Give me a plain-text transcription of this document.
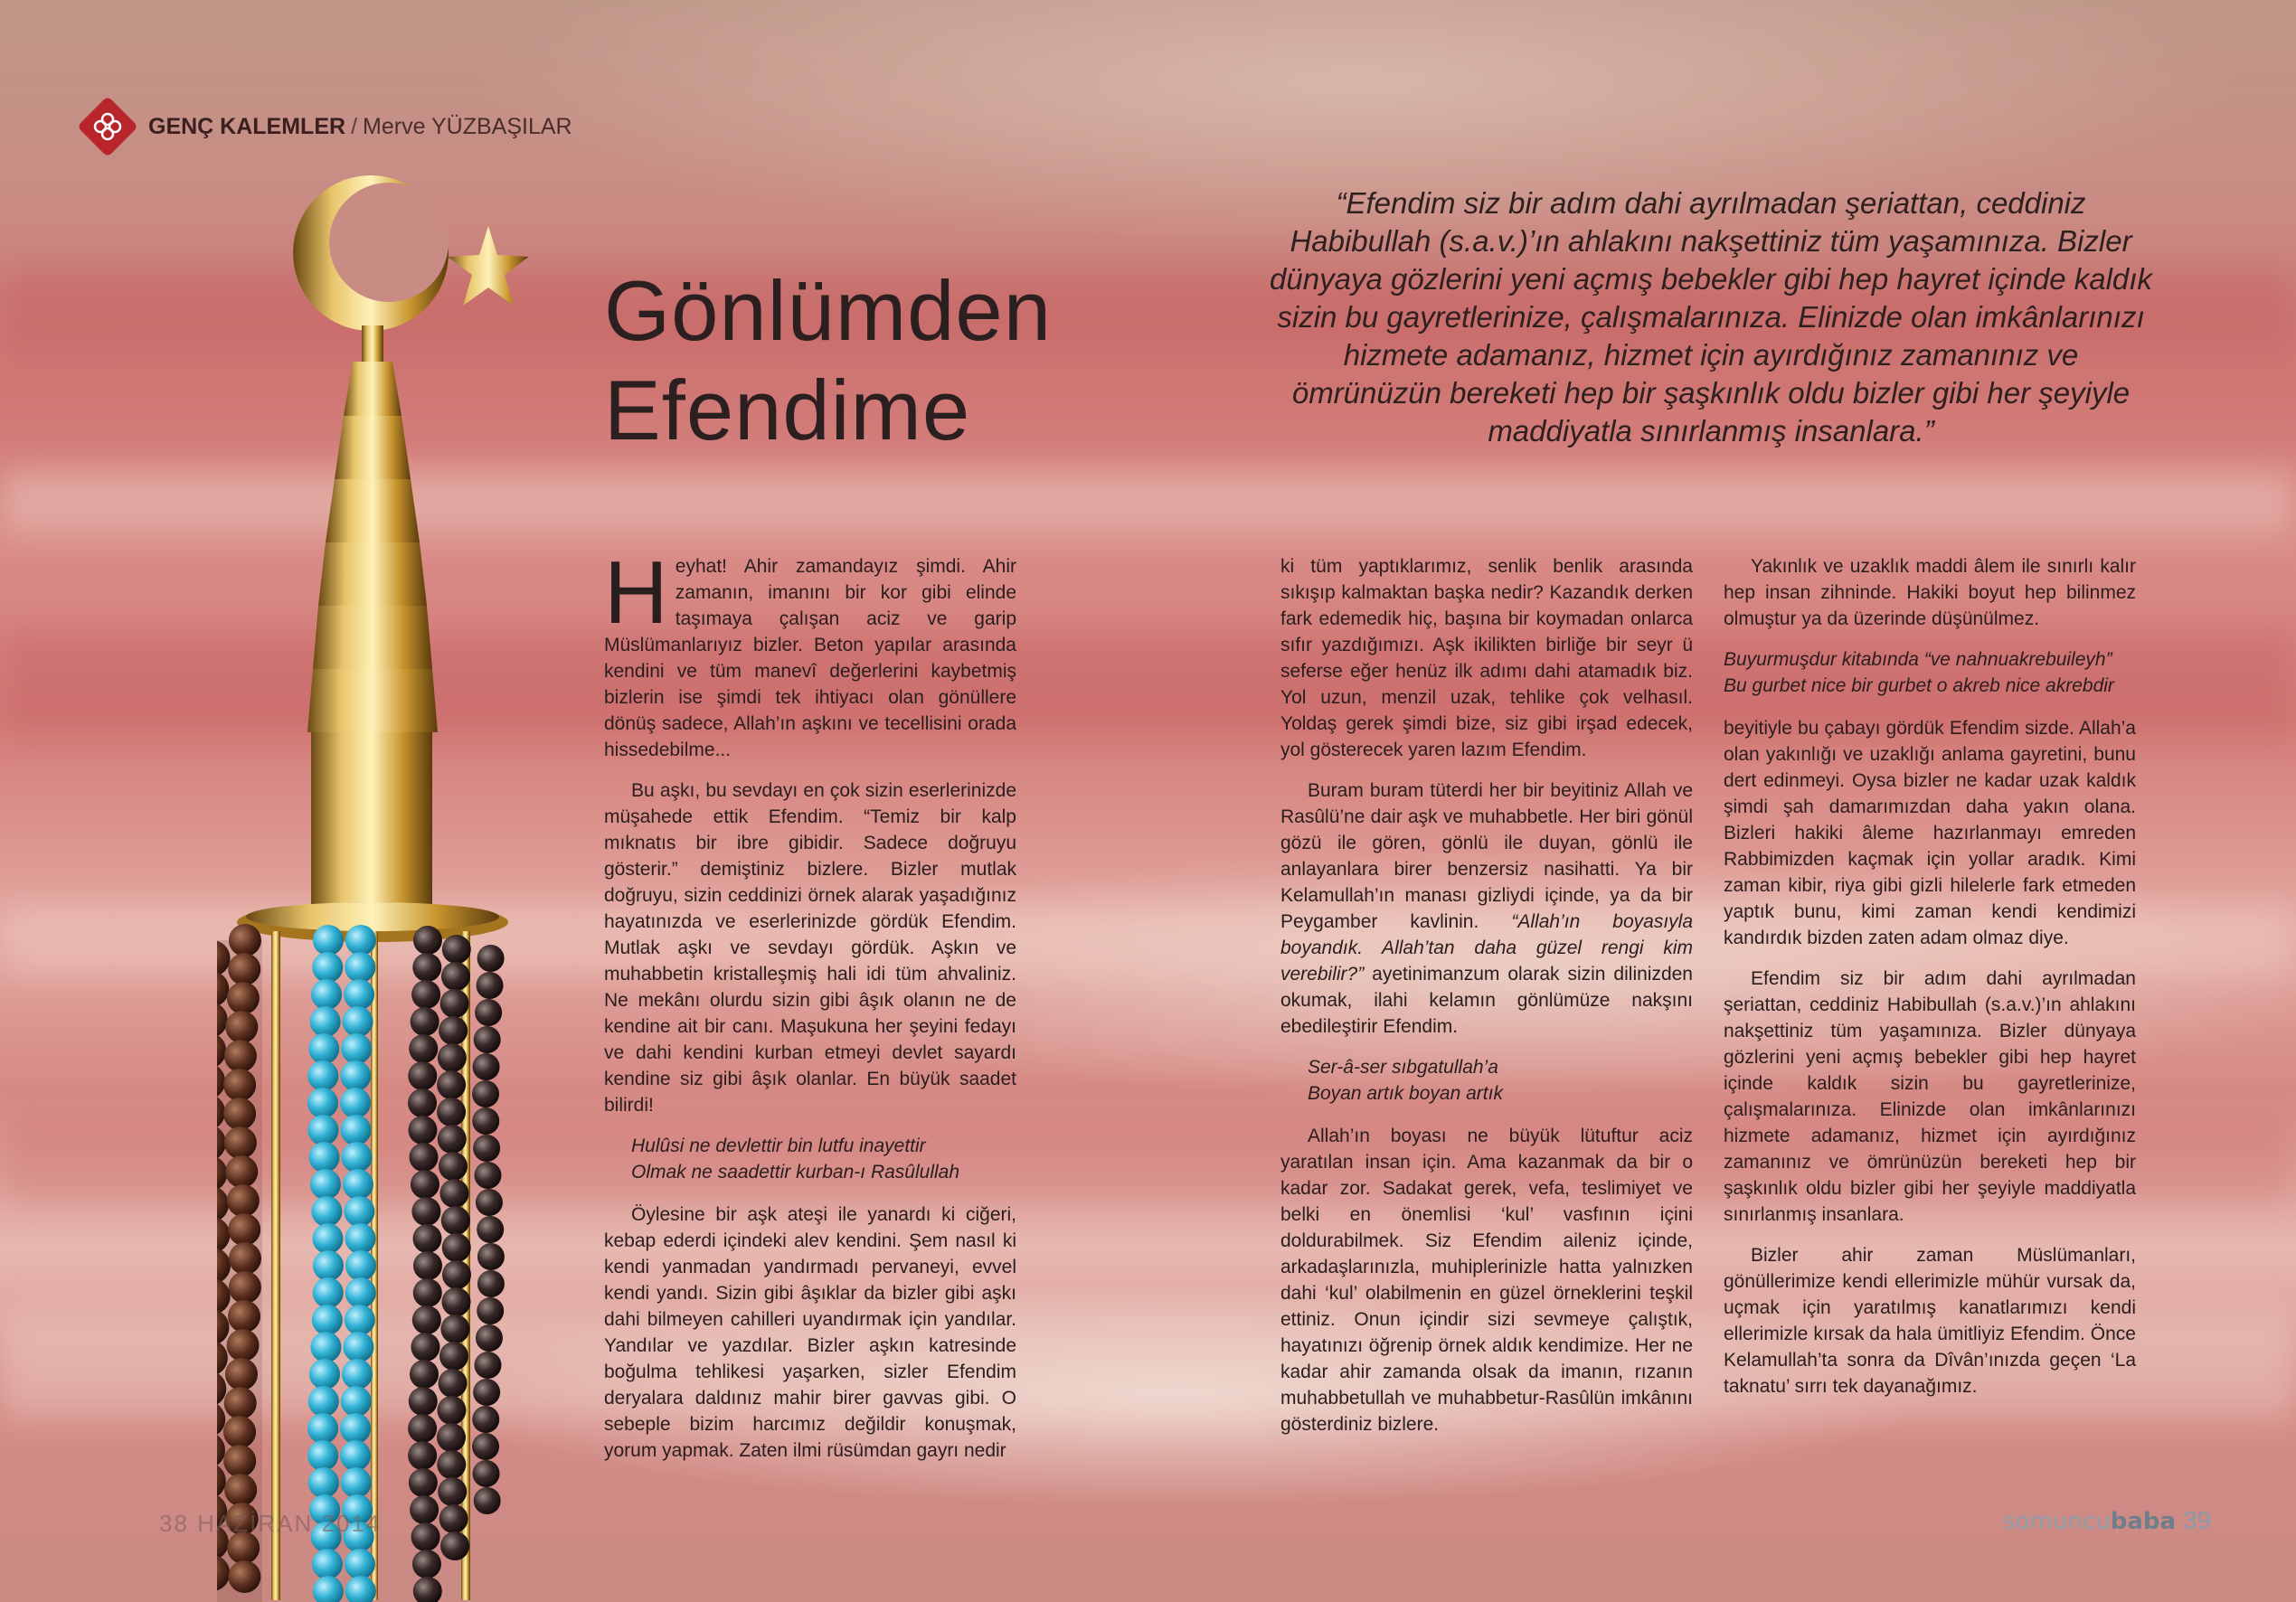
GENÇ KALEMLER / Merve YÜZBAŞILAR
Gönlümden
Efendime
“Efendim siz bir adım dahi ayrılmadan şeriattan, ceddiniz Habibullah (s.a.v.)’ın ahlakını nakşettiniz tüm yaşamınıza. Bizler dünyaya gözlerini yeni açmış bebekler gibi hep hayret içinde kaldık sizin bu gayretlerinize, çalışmalarınıza. Elinizde olan imkânlarınızı hizmete adamanız, hizmet için ayırdığınız zamanınız ve ömrünüzün bereketi hep bir şaşkınlık oldu bizler gibi her şeyiyle maddiyatla sınırlanmış insanlara.”

Heyhat! Ahir zamandayız şimdi. Ahir zamanın, imanını bir kor gibi elinde taşımaya çalışan aciz ve garip Müslümanlarıyız bizler. Beton yapılar arasında kendini ve tüm manevî değerlerini kaybetmiş bizlerin ise şimdi tek ihtiyacı olan gönüllere dönüş sadece, Allah’ın aşkını ve tecellisini orada hissedebilme...

Bu aşkı, bu sevdayı en çok sizin eserlerinizde müşahede ettik Efendim. “Temiz bir kalp mıknatıs bir ibre gibidir. Sadece doğruyu gösterir.” demiştiniz bizlere. Bizler mutlak doğruyu, sizin ceddinizi örnek alarak yaşadığınız hayatınızda ve eserlerinizde gördük Efendim. Mutlak aşkı ve sevdayı gördük. Aşkın ve muhabbetin kristalleşmiş hali idi tüm ahvaliniz. Ne mekânı olurdu sizin gibi âşık olanın ne de kendine ait bir canı. Maşukuna her şeyini fedayı ve dahi kendini kurban etmeyi devlet sayardı kendine siz gibi âşık olanlar. En büyük saadet bilirdi!

Hulûsi ne devlettir bin lutfu inayettir
Olmak ne saadettir kurban-ı Rasûlullah

Öylesine bir aşk ateşi ile yanardı ki ciğeri, kebap ederdi içindeki alev kendini. Şem nasıl ki kendi yanmadan yandırmadı pervaneyi, evvel kendi yandı. Sizin gibi âşıklar da bizler gibi aşkı dahi bilmeyen cahilleri uyandırmak için yandılar. Yandılar ve yazdılar. Bizler aşkın katresinde boğulma tehlikesi yaşarken, sizler Efendim deryalara daldınız mahir birer gavvas gibi. O sebeple bizim harcımız değildir konuşmak, yorum yapmak. Zaten ilmi rüsümdan gayrı nedir

ki tüm yaptıklarımız, senlik benlik arasında sıkışıp kalmaktan başka nedir? Kazandık derken fark edemedik hiç, başına bir koymadan onlarca sıfır yazdığımızı. Aşk ikilikten birliğe bir seyr ü seferse eğer henüz ilk adımı dahi atamadık biz. Yol uzun, menzil uzak, tehlike çok velhasıl. Yoldaş gerek şimdi bize, siz gibi irşad edecek, yol gösterecek yaren lazım Efendim.

Buram buram tüterdi her bir beyitiniz Allah ve Rasûlü’ne dair aşk ve muhabbetle. Her biri gönül gözü ile gören, gönlü ile duyan, gönlü ile anlayanlara birer benzersiz nasihatti. Ya bir Kelamullah’ın manası gizliydi içinde, ya da bir Peygamber kavlinin. “Allah’ın boyasıyla boyandık. Allah’tan daha güzel rengi kim verebilir?” ayetinimanzum olarak sizin dilinizden okumak, ilahi kelamın gönlümüze nakşını ebedileştirir Efendim.

Ser-â-ser sıbgatullah’a
Boyan artık boyan artık

Allah’ın boyası ne büyük lütuftur aciz yaratılan insan için. Ama kazanmak da bir o kadar zor. Sadakat gerek, vefa, teslimiyet ve belki en önemlisi ‘kul’ vasfının içini doldurabilmek. Siz Efendim aileniz içinde, arkadaşlarınızla, muhiplerinizle hatta yalnızken dahi ‘kul’ olabilmenin en güzel örneklerini teşkil ettiniz. Onun içindir sizi sevmeye çalıştık, hayatınızı öğrenip örnek aldık kendimize. Her ne kadar ahir zamanda olsak da imanın, rızanın muhabbetullah ve muhabbetur-Rasûlün imkânını gösterdiniz bizlere.

Yakınlık ve uzaklık maddi âlem ile sınırlı kalır hep insan zihninde. Hakiki boyut hep bilinmez olmuştur ya da üzerinde düşünülmez.

Buyurmuşdur kitabında “ve nahnuakrebuileyh”
Bu gurbet nice bir gurbet o akreb nice akrebdir

beyitiyle bu çabayı gördük Efendim sizde. Allah’a olan yakınlığı ve uzaklığı anlama gayretini, bunu dert edinmeyi. Oysa bizler ne kadar uzak kaldık şimdi şah damarımızdan daha yakın olana. Bizleri hakiki âleme hazırlanmayı emreden Rabbimizden kaçmak için yollar aradık. Kimi zaman kibir, riya gibi gizli hilelerle fark etmeden yaptık bunu, kimi zaman kendi kendimizi kandırdık bizden zaten adam olmaz diye.

Efendim siz bir adım dahi ayrılmadan şeriattan, ceddiniz Habibullah (s.a.v.)’ın ahlakını nakşettiniz tüm yaşamınıza. Bizler dünyaya gözlerini yeni açmış bebekler gibi hep hayret içinde kaldık sizin bu gayretlerinize, çalışmalarınıza. Elinizde olan imkânlarınızı hizmete adamanız, hizmet için ayırdığınız zamanınız ve ömrünüzün bereketi hep bir şaşkınlık oldu bizler gibi her şeyiyle maddiyatla sınırlanmış insanlara.

Bizler ahir zaman Müslümanları, gönüllerimize kendi ellerimizle mühür vursak da, uçmak için yaratılmış kanatlarımızı kendi ellerimizle kırsak da hala ümitliyiz Efendim. Önce Kelamullah’ta sonra da Dîvân’ınızda geçen ‘La taknatu’ sırrı tek dayanağımız.

38 HAZİRAN 2014	somuncubaba 39
